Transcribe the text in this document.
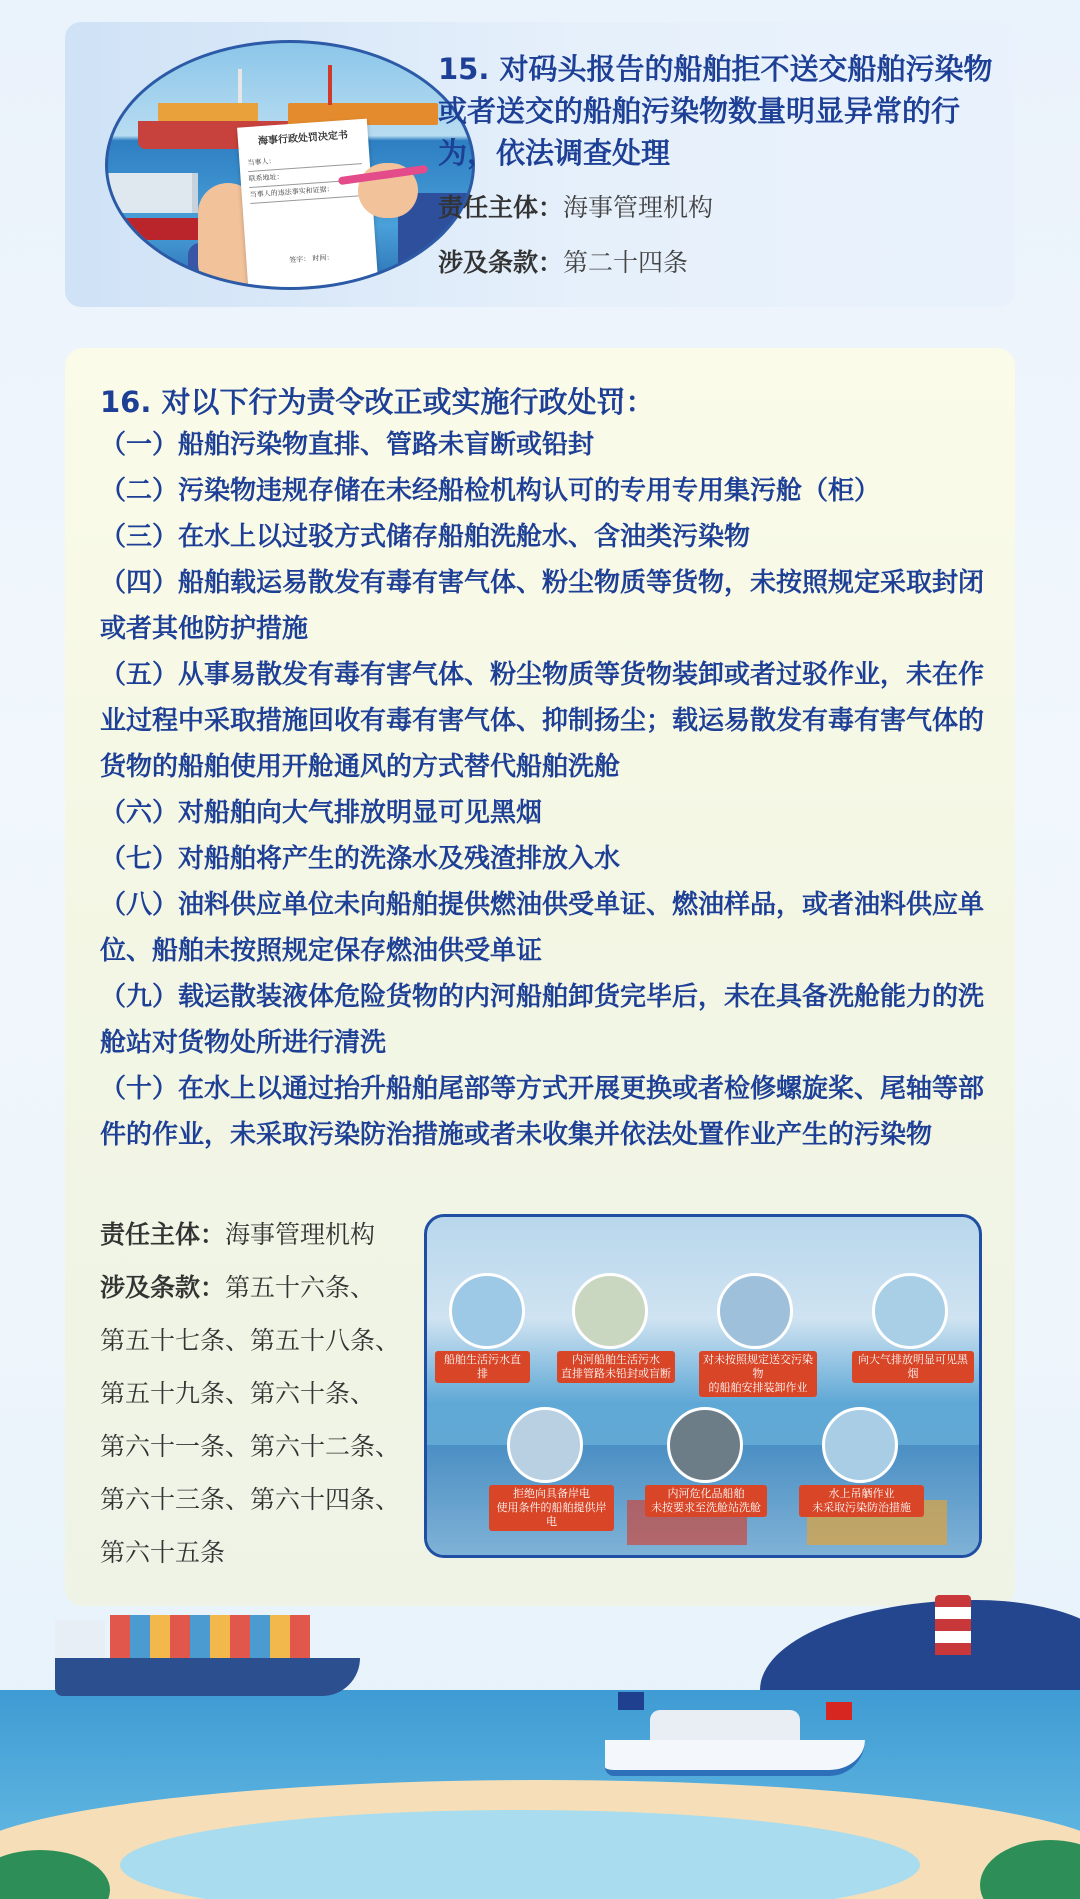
海事行政处罚决定书
当事人：
联系地址：
当事人的违法事实和证据：
签字： 时间：
15. 对码头报告的船舶拒不送交船舶污染物或者送交的船舶污染物数量明显异常的行为，依法调查处理
责任主体：海事管理机构
涉及条款：第二十四条
16. 对以下行为责令改正或实施行政处罚：
（一）船舶污染物直排、管路未盲断或铅封
（二）污染物违规存储在未经船检机构认可的专用专用集污舱（柜）
（三）在水上以过驳方式储存船舶洗舱水、含油类污染物
（四）船舶载运易散发有毒有害气体、粉尘物质等货物，未按照规定采取封闭或者其他防护措施
（五）从事易散发有毒有害气体、粉尘物质等货物装卸或者过驳作业，未在作业过程中采取措施回收有毒有害气体、抑制扬尘；载运易散发有毒有害气体的货物的船舶使用开舱通风的方式替代船舶洗舱
（六）对船舶向大气排放明显可见黑烟
（七）对船舶将产生的洗涤水及残渣排放入水
（八）油料供应单位未向船舶提供燃油供受单证、燃油样品，或者油料供应单位、船舶未按照规定保存燃油供受单证
（九）载运散装液体危险货物的内河船舶卸货完毕后，未在具备洗舱能力的洗舱站对货物处所进行清洗
（十）在水上以通过抬升船舶尾部等方式开展更换或者检修螺旋桨、尾轴等部件的作业，未采取污染防治措施或者未收集并依法处置作业产生的污染物
责任主体：海事管理机构
涉及条款：第五十六条、
第五十七条、第五十八条、
第五十九条、第六十条、
第六十一条、第六十二条、
第六十三条、第六十四条、
第六十五条
船舶生活污水直排
内河船舶生活污水
直排管路未铅封或盲断
对未按照规定送交污染物
的船舶安排装卸作业
向大气排放明显可见黑烟
拒绝向具备岸电
使用条件的船舶提供岸电
内河危化品船舶
未按要求至洗舱站洗舱
水上吊舾作业
未采取污染防治措施
